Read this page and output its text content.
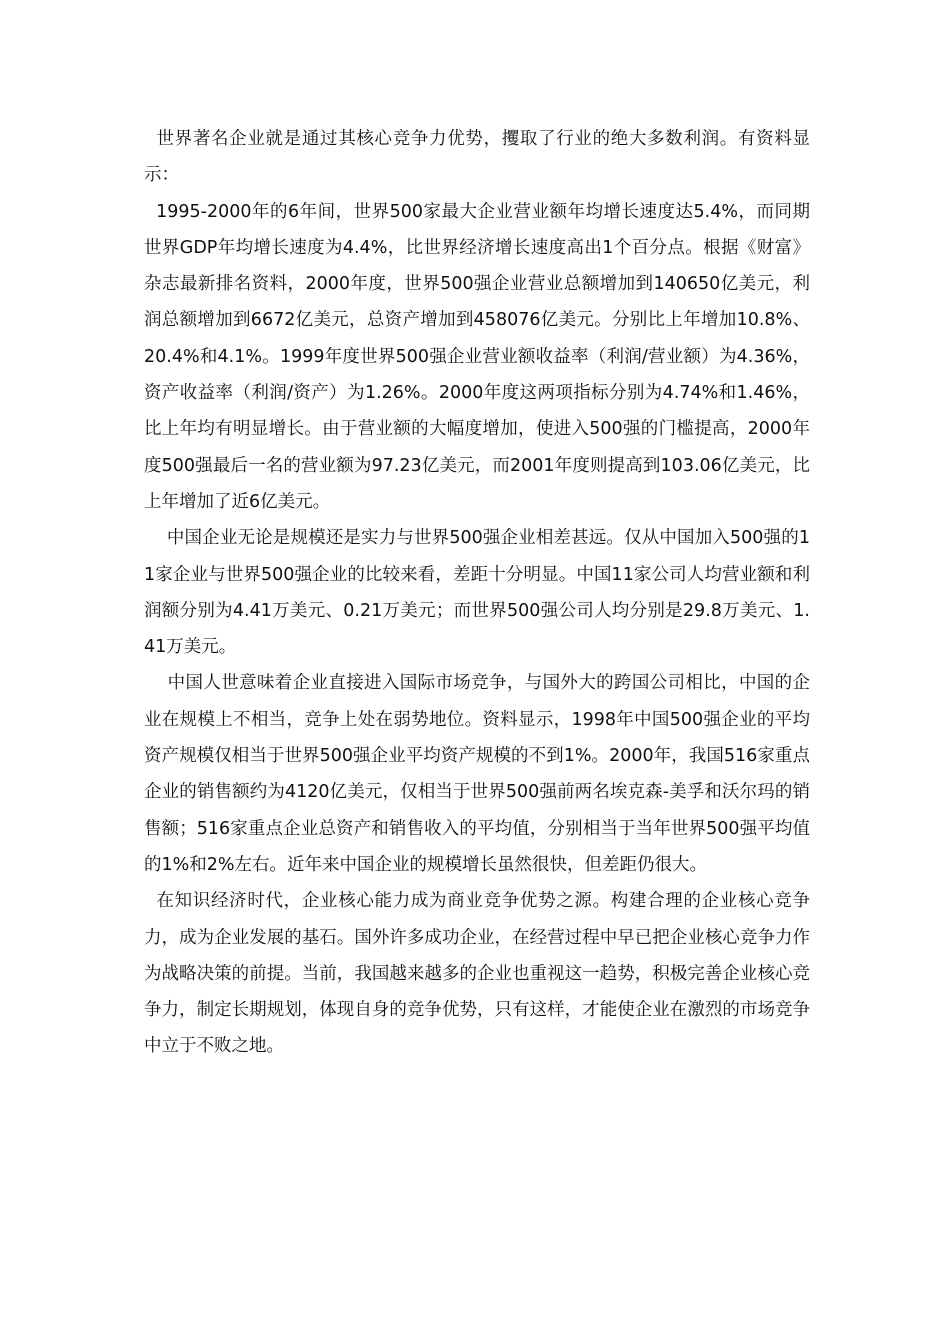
世界著名企业就是通过其核心竞争力优势，攫取了行业的绝大多数利润。有资料显示：

1995-2000年的6年间，世界500家最大企业营业额年均增长速度达5.4%，而同期世界GDP年均增长速度为4.4%，比世界经济增长速度高出1个百分点。根据《财富》杂志最新排名资料，2000年度，世界500强企业营业总额增加到140650亿美元，利润总额增加到6672亿美元，总资产增加到458076亿美元。分别比上年增加10.8%、20.4%和4.1%。1999年度世界500强企业营业额收益率（利润/营业额）为4.36%，资产收益率（利润/资产）为1.26%。2000年度这两项指标分别为4.74%和1.46%，比上年均有明显增长。由于营业额的大幅度增加，使进入500强的门槛提高，2000年度500强最后一名的营业额为97.23亿美元，而2001年度则提高到103.06亿美元，比上年增加了近6亿美元。

中国企业无论是规模还是实力与世界500强企业相差甚远。仅从中国加入500强的11家企业与世界500强企业的比较来看，差距十分明显。中国11家公司人均营业额和利润额分别为4.41万美元、0.21万美元；而世界500强公司人均分别是29.8万美元、1.41万美元。

中国人世意味着企业直接进入国际市场竞争，与国外大的跨国公司相比，中国的企业在规模上不相当，竞争上处在弱势地位。资料显示，1998年中国500强企业的平均资产规模仅相当于世界500强企业平均资产规模的不到1%。2000年，我国516家重点企业的销售额约为4120亿美元，仅相当于世界500强前两名埃克森-美孚和沃尔玛的销售额；516家重点企业总资产和销售收入的平均值，分别相当于当年世界500强平均值的1%和2%左右。近年来中国企业的规模增长虽然很快，但差距仍很大。

在知识经济时代，企业核心能力成为商业竞争优势之源。构建合理的企业核心竞争力，成为企业发展的基石。国外许多成功企业，在经营过程中早已把企业核心竞争力作为战略决策的前提。当前，我国越来越多的企业也重视这一趋势，积极完善企业核心竞争力，制定长期规划，体现自身的竞争优势，只有这样，才能使企业在激烈的市场竞争中立于不败之地。
